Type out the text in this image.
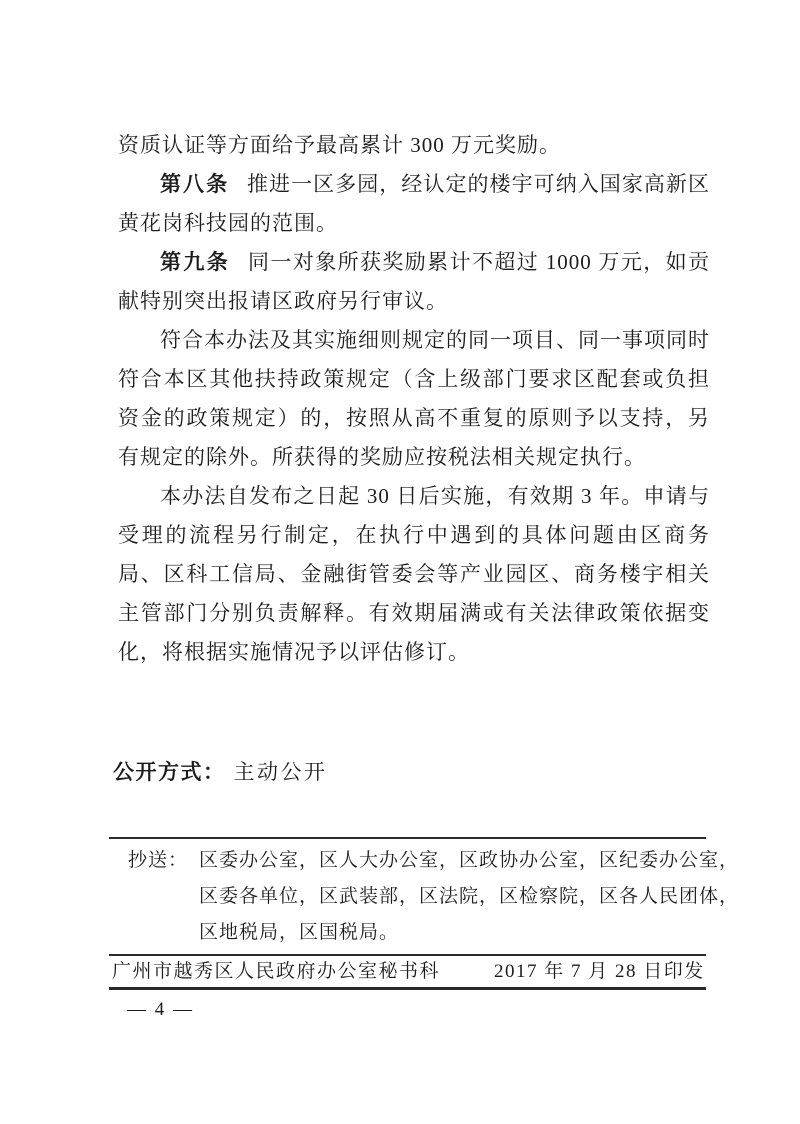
资质认证等方面给予最高累计 300 万元奖励。

第八条 推进一区多园，经认定的楼宇可纳入国家高新区黄花岗科技园的范围。

第九条 同一对象所获奖励累计不超过 1000 万元，如贡献特别突出报请区政府另行审议。

符合本办法及其实施细则规定的同一项目、同一事项同时符合本区其他扶持政策规定（含上级部门要求区配套或负担资金的政策规定）的，按照从高不重复的原则予以支持，另有规定的除外。所获得的奖励应按税法相关规定执行。

本办法自发布之日起 30 日后实施，有效期 3 年。申请与受理的流程另行制定，在执行中遇到的具体问题由区商务局、区科工信局、金融街管委会等产业园区、商务楼宇相关主管部门分别负责解释。有效期届满或有关法律政策依据变化，将根据实施情况予以评估修订。

公开方式： 主动公开
抄送： 区委办公室，区人大办公室，区政协办公室，区纪委办公室，
区委各单位，区武装部，区法院，区检察院，区各人民团体，
区地税局，区国税局。
广州市越秀区人民政府办公室秘书科	2017 年 7 月 28 日印发
— 4 —
